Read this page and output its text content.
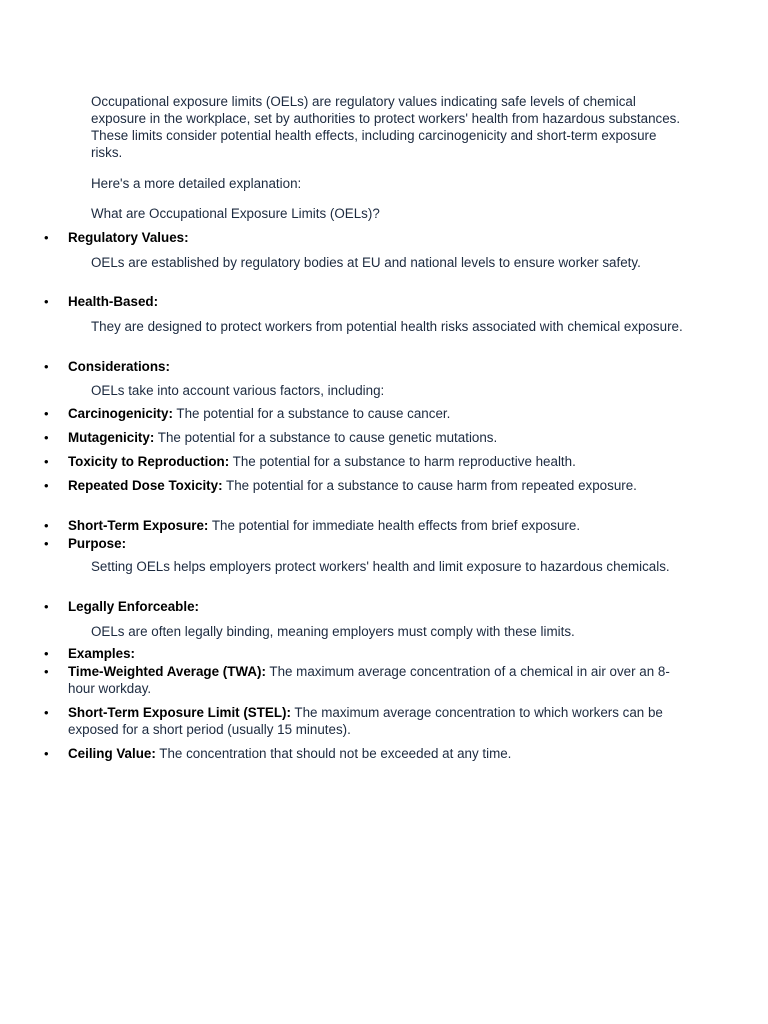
Occupational exposure limits (OELs) are regulatory values indicating safe levels of chemical exposure in the workplace, set by authorities to protect workers' health from hazardous substances. These limits consider potential health effects, including carcinogenicity and short-term exposure risks.

Here's a more detailed explanation:

What are Occupational Exposure Limits (OELs)?

• Regulatory Values:

OELs are established by regulatory bodies at EU and national levels to ensure worker safety.

• Health-Based:

They are designed to protect workers from potential health risks associated with chemical exposure.

• Considerations:

OELs take into account various factors, including:

• Carcinogenicity: The potential for a substance to cause cancer.
• Mutagenicity: The potential for a substance to cause genetic mutations.
• Toxicity to Reproduction: The potential for a substance to harm reproductive health.
• Repeated Dose Toxicity: The potential for a substance to cause harm from repeated exposure.
• Short-Term Exposure: The potential for immediate health effects from brief exposure.
• Purpose:

Setting OELs helps employers protect workers' health and limit exposure to hazardous chemicals.

• Legally Enforceable:

OELs are often legally binding, meaning employers must comply with these limits.

• Examples:
• Time-Weighted Average (TWA): The maximum average concentration of a chemical in air over an 8-hour workday.
• Short-Term Exposure Limit (STEL): The maximum average concentration to which workers can be exposed for a short period (usually 15 minutes).
• Ceiling Value: The concentration that should not be exceeded at any time.
